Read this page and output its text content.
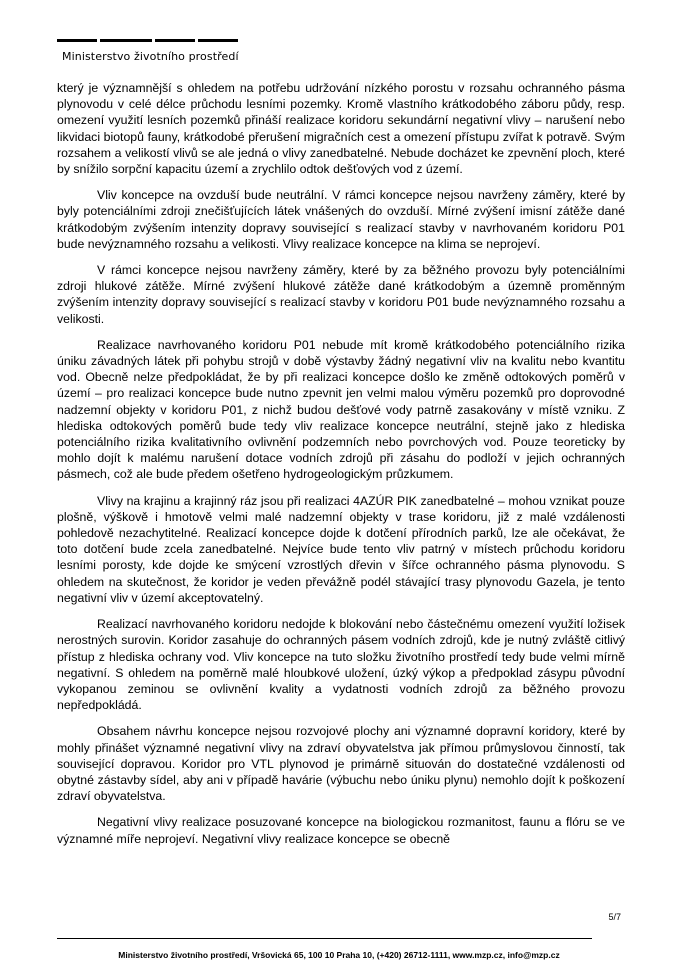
Ministerstvo životního prostředí

který je významnější s ohledem na potřebu udržování nízkého porostu v rozsahu ochranného pásma plynovodu v celé délce průchodu lesními pozemky. Kromě vlastního krátkodobého záboru půdy, resp. omezení využití lesních pozemků přináší realizace koridoru sekundární negativní vlivy – narušení nebo likvidaci biotopů fauny, krátkodobé přerušení migračních cest a omezení přístupu zvířat k potravě. Svým rozsahem a velikostí vlivů se ale jedná o vlivy zanedbatelné. Nebude docházet ke zpevnění ploch, které by snížilo sorpční kapacitu území a zrychlilo odtok dešťových vod z území.

Vliv koncepce na ovzduší bude neutrální. V rámci koncepce nejsou navrženy záměry, které by byly potenciálními zdroji znečišťujících látek vnášených do ovzduší. Mírné zvýšení imisní zátěže dané krátkodobým zvýšením intenzity dopravy související s realizací stavby v navrhovaném koridoru P01 bude nevýznamného rozsahu a velikosti. Vlivy realizace koncepce na klima se neprojeví.

V rámci koncepce nejsou navrženy záměry, které by za běžného provozu byly potenciálními zdroji hlukové zátěže. Mírné zvýšení hlukové zátěže dané krátkodobým a územně proměnným zvýšením intenzity dopravy související s realizací stavby v koridoru P01 bude nevýznamného rozsahu a velikosti.

Realizace navrhovaného koridoru P01 nebude mít kromě krátkodobého potenciálního rizika úniku závadných látek při pohybu strojů v době výstavby žádný negativní vliv na kvalitu nebo kvantitu vod. Obecně nelze předpokládat, že by při realizaci koncepce došlo ke změně odtokových poměrů v území – pro realizaci koncepce bude nutno zpevnit jen velmi malou výměru pozemků pro doprovodné nadzemní objekty v koridoru P01, z nichž budou dešťové vody patrně zasakovány v místě vzniku. Z hlediska odtokových poměrů bude tedy vliv realizace koncepce neutrální, stejně jako z hlediska potenciálního rizika kvalitativního ovlivnění podzemních nebo povrchových vod. Pouze teoreticky by mohlo dojít k malému narušení dotace vodních zdrojů při zásahu do podloží v jejich ochranných pásmech, což ale bude předem ošetřeno hydrogeologickým průzkumem.

Vlivy na krajinu a krajinný ráz jsou při realizaci 4AZÚR PIK zanedbatelné – mohou vznikat pouze plošně, výškově i hmotově velmi malé nadzemní objekty v trase koridoru, již z malé vzdálenosti pohledově nezachytitelné. Realizací koncepce dojde k dotčení přírodních parků, lze ale očekávat, že toto dotčení bude zcela zanedbatelné. Nejvíce bude tento vliv patrný v místech průchodu koridoru lesními porosty, kde dojde ke smýcení vzrostlých dřevin v šířce ochranného pásma plynovodu. S ohledem na skutečnost, že koridor je veden převážně podél stávající trasy plynovodu Gazela, je tento negativní vliv v území akceptovatelný.

Realizací navrhovaného koridoru nedojde k blokování nebo částečnému omezení využití ložisek nerostných surovin. Koridor zasahuje do ochranných pásem vodních zdrojů, kde je nutný zvláště citlivý přístup z hlediska ochrany vod. Vliv koncepce na tuto složku životního prostředí tedy bude velmi mírně negativní. S ohledem na poměrně malé hloubkové uložení, úzký výkop a předpoklad zásypu původní vykopanou zeminou se ovlivnění kvality a vydatnosti vodních zdrojů za běžného provozu nepředpokládá.

Obsahem návrhu koncepce nejsou rozvojové plochy ani významné dopravní koridory, které by mohly přinášet významné negativní vlivy na zdraví obyvatelstva jak přímou průmyslovou činností, tak související dopravou. Koridor pro VTL plynovod je primárně situován do dostatečné vzdálenosti od obytné zástavby sídel, aby ani v případě havárie (výbuchu nebo úniku plynu) nemohlo dojít k poškození zdraví obyvatelstva.

Negativní vlivy realizace posuzované koncepce na biologickou rozmanitost, faunu a flóru se ve významné míře neprojeví. Negativní vlivy realizace koncepce se obecně

5/7
Ministerstvo životního prostředí, Vršovická 65, 100 10 Praha 10, (+420) 26712-1111, www.mzp.cz, info@mzp.cz
